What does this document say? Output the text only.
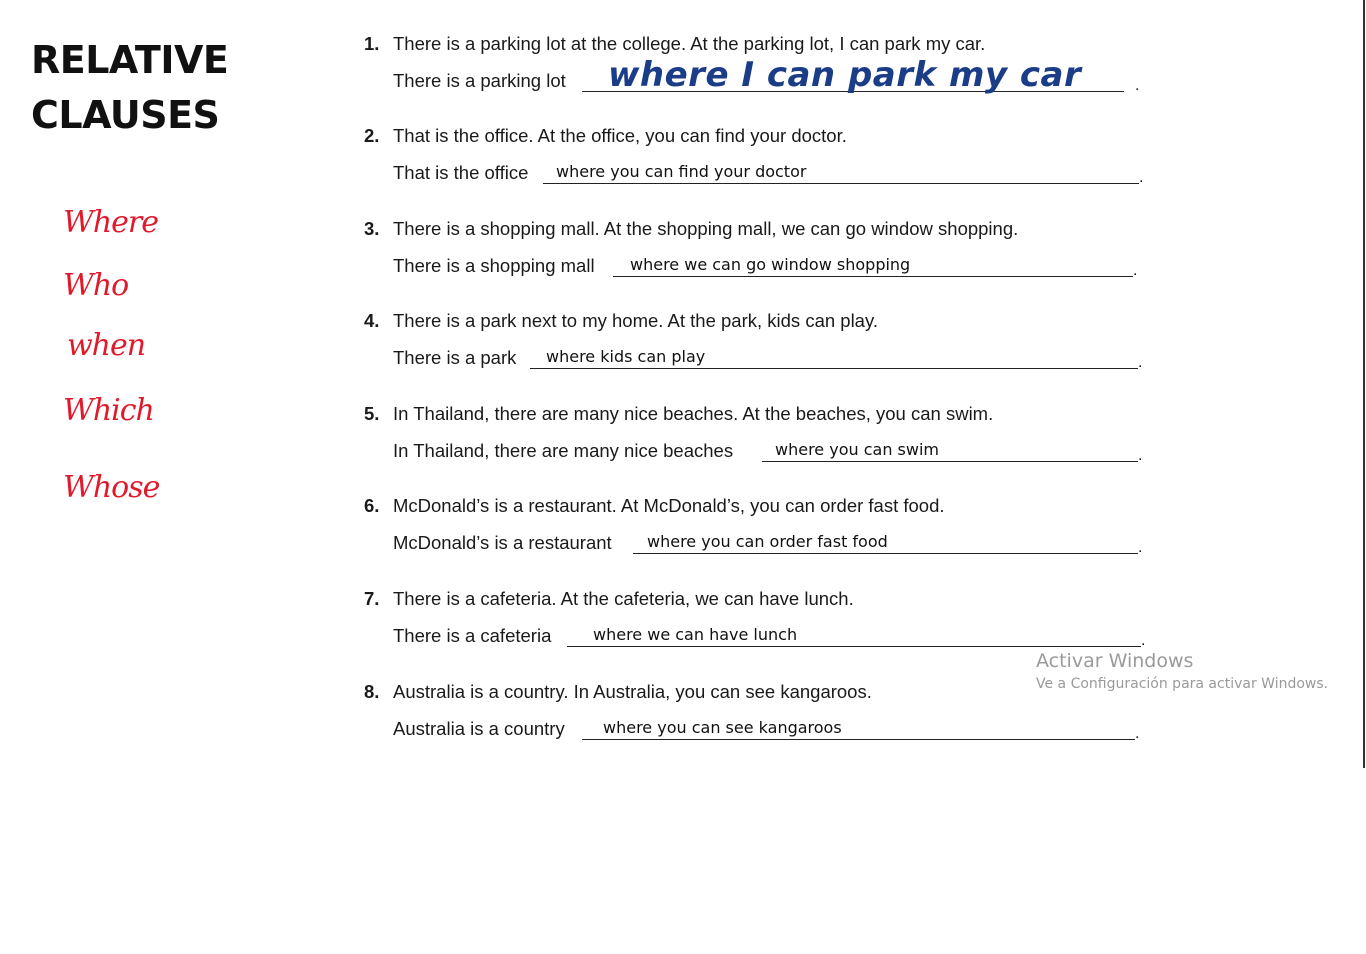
RELATIVE
CLAUSES
Where
Who
when
Which
Whose
1. There is a parking lot at the college. At the parking lot, I can park my car.
There is a parking lot where I can park my car	.
2. That is the office. At the office, you can find your doctor.
That is the office where you can find your doctor	.
3. There is a shopping mall. At the shopping mall, we can go window shopping.
There is a shopping mall where we can go window shopping	.
4. There is a park next to my home. At the park, kids can play.
There is a park where kids can play	.
5. In Thailand, there are many nice beaches. At the beaches, you can swim.
In Thailand, there are many nice beaches	where you can swim	.
6. McDonald’s is a restaurant. At McDonald’s, you can order fast food.
McDonald’s is a restaurant where you can order fast food	.
7. There is a cafeteria. At the cafeteria, we can have lunch.
There is a cafeteria	where we can have lunch	.
8. Australia is a country. In Australia, you can see kangaroos.
Australia is a country where you can see kangaroos	.
Activar Windows
Ve a Configuración para activar Windows.
